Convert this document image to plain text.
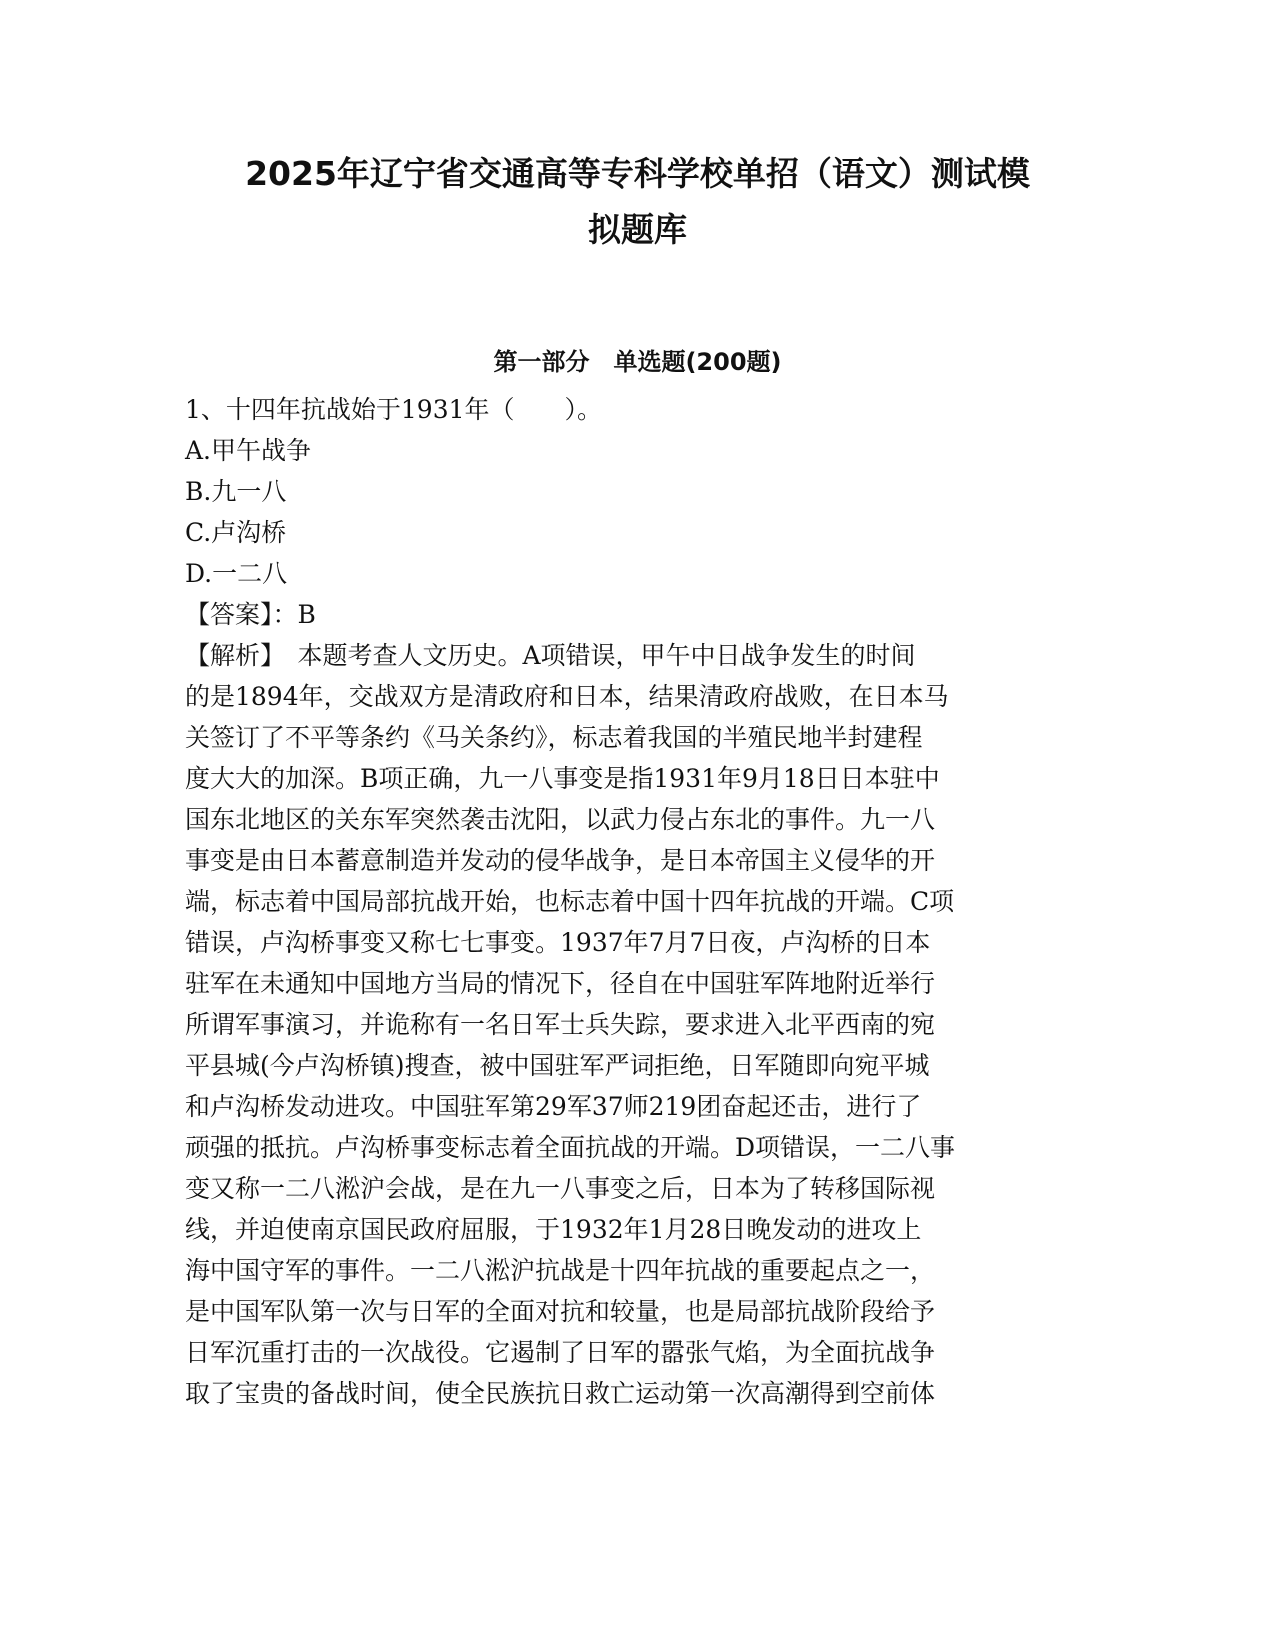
2025年辽宁省交通高等专科学校单招（语文）测试模
拟题库
第一部分　单选题(200题)

1、十四年抗战始于1931年（　　）。

A.甲午战争

B.九一八

C.卢沟桥

D.一二八

【答案】：B

【解析】　本题考查人文历史。A项错误，甲午中日战争发生的时间

的是1894年，交战双方是清政府和日本，结果清政府战败，在日本马

关签订了不平等条约《马关条约》，标志着我国的半殖民地半封建程

度大大的加深。B项正确，九一八事变是指1931年9月18日日本驻中

国东北地区的关东军突然袭击沈阳，以武力侵占东北的事件。九一八

事变是由日本蓄意制造并发动的侵华战争，是日本帝国主义侵华的开

端，标志着中国局部抗战开始，也标志着中国十四年抗战的开端。C项

错误，卢沟桥事变又称七七事变。1937年7月7日夜，卢沟桥的日本

驻军在未通知中国地方当局的情况下，径自在中国驻军阵地附近举行

所谓军事演习，并诡称有一名日军士兵失踪，要求进入北平西南的宛

平县城(今卢沟桥镇)搜查，被中国驻军严词拒绝，日军随即向宛平城

和卢沟桥发动进攻。中国驻军第29军37师219团奋起还击，进行了

顽强的抵抗。卢沟桥事变标志着全面抗战的开端。D项错误，一二八事

变又称一二八淞沪会战，是在九一八事变之后，日本为了转移国际视

线，并迫使南京国民政府屈服，于1932年1月28日晚发动的进攻上

海中国守军的事件。一二八淞沪抗战是十四年抗战的重要起点之一，

是中国军队第一次与日军的全面对抗和较量，也是局部抗战阶段给予

日军沉重打击的一次战役。它遏制了日军的嚣张气焰，为全面抗战争

取了宝贵的备战时间，使全民族抗日救亡运动第一次高潮得到空前体
